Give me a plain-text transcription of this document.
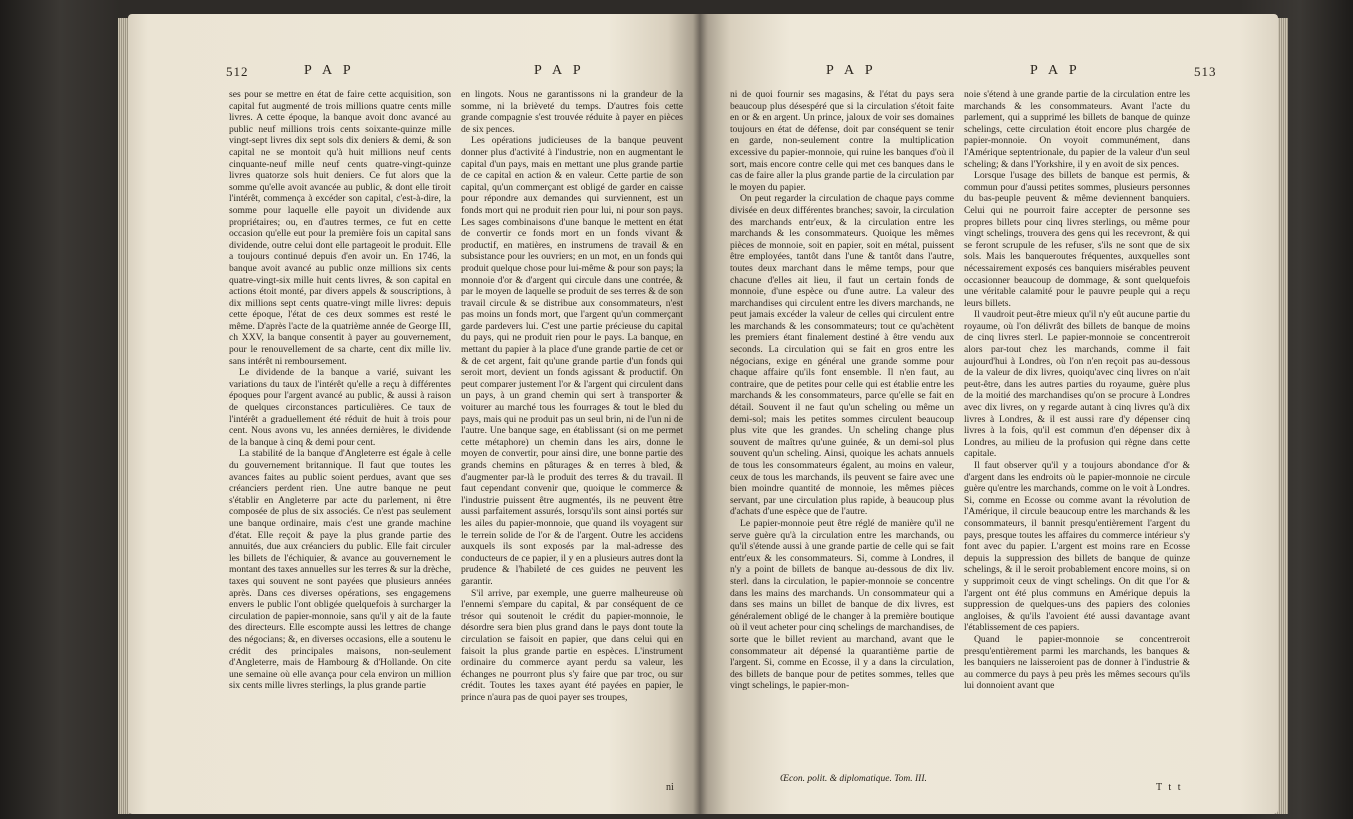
512	P A P	P A P

ses pour se mettre en état de faire cette acquisition, son capital fut augmenté de trois millions quatre cents mille livres. A cette époque, la banque avoit donc avancé au public neuf millions trois cents soixante-quinze mille vingt-sept livres dix sept sols dix deniers & demi, & son capital ne se montoit qu'à huit millions neuf cents cinquante-neuf mille neuf cents quatre-vingt-quinze livres quatorze sols huit deniers. Ce fut alors que la somme qu'elle avoit avancée au public, & dont elle tiroit l'intérêt, commença à excéder son capital, c'est-à-dire, la somme pour laquelle elle payoit un dividende aux propriétaires; ou, en d'autres termes, ce fut en cette occasion qu'elle eut pour la première fois un capital sans dividende, outre celui dont elle partageoit le produit. Elle a toujours continué depuis d'en avoir un. En 1746, la banque avoit avancé au public onze millions six cents quatre-vingt-six mille huit cents livres, & son capital en actions étoit monté, par divers appels & souscriptions, à dix millions sept cents quatre-vingt mille livres: depuis cette époque, l'état de ces deux sommes est resté le même. D'après l'acte de la quatrième année de George III, ch XXV, la banque consentit à payer au gouvernement, pour le renouvellement de sa charte, cent dix mille liv. sans intérêt ni remboursement.

Le dividende de la banque a varié, suivant les variations du taux de l'intérêt qu'elle a reçu à différentes époques pour l'argent avancé au public, & aussi à raison de quelques circonstances particulières. Ce taux de l'intérêt a graduellement été réduit de huit à trois pour cent. Nous avons vu, les années dernières, le dividende de la banque à cinq & demi pour cent.

La stabilité de la banque d'Angleterre est égale à celle du gouvernement britannique. Il faut que toutes les avances faites au public soient perdues, avant que ses créanciers perdent rien. Une autre banque ne peut s'établir en Angleterre par acte du parlement, ni être composée de plus de six associés. Ce n'est pas seulement une banque ordinaire, mais c'est une grande machine d'état. Elle reçoit & paye la plus grande partie des annuités, due aux créanciers du public. Elle fait circuler les billets de l'échiquier, & avance au gouvernement le montant des taxes annuelles sur les terres & sur la drèche, taxes qui souvent ne sont payées que plusieurs années après. Dans ces diverses opérations, ses engagemens envers le public l'ont obligée quelquefois à surcharger la circulation de papier-monnoie, sans qu'il y ait de la faute des directeurs. Elle escompte aussi les lettres de change des négocians; &, en diverses occasions, elle a soutenu le crédit des principales maisons, non-seulement d'Angleterre, mais de Hambourg & d'Hollande. On cite une semaine où elle avança pour cela environ un million six cents mille livres sterlings, la plus grande partie

en lingots. Nous ne garantissons ni la grandeur de la somme, ni la brièveté du temps. D'autres fois cette grande compagnie s'est trouvée réduite à payer en pièces de six pences.

Les opérations judicieuses de la banque peuvent donner plus d'activité à l'industrie, non en augmentant le capital d'un pays, mais en mettant une plus grande partie de ce capital en action & en valeur. Cette partie de son capital, qu'un commerçant est obligé de garder en caisse pour répondre aux demandes qui surviennent, est un fonds mort qui ne produit rien pour lui, ni pour son pays. Les sages combinaisons d'une banque le mettent en état de convertir ce fonds mort en un fonds vivant & productif, en matières, en instrumens de travail & en subsistance pour les ouvriers; en un mot, en un fonds qui produit quelque chose pour lui-même & pour son pays; la monnoie d'or & d'argent qui circule dans une contrée, & par le moyen de laquelle se produit de ses terres & de son travail circule & se distribue aux consommateurs, n'est pas moins un fonds mort, que l'argent qu'un commerçant garde pardevers lui. C'est une partie précieuse du capital du pays, qui ne produit rien pour le pays. La banque, en mettant du papier à la place d'une grande partie de cet or & de cet argent, fait qu'une grande partie d'un fonds qui seroit mort, devient un fonds agissant & productif. On peut comparer justement l'or & l'argent qui circulent dans un pays, à un grand chemin qui sert à transporter & voiturer au marché tous les fourrages & tout le bled du pays, mais qui ne produit pas un seul brin, ni de l'un ni de l'autre. Une banque sage, en établissant (si on me permet cette métaphore) un chemin dans les airs, donne le moyen de convertir, pour ainsi dire, une bonne partie des grands chemins en pâturages & en terres à bled, & d'augmenter par-là le produit des terres & du travail. Il faut cependant convenir que, quoique le commerce & l'industrie puissent être augmentés, ils ne peuvent être aussi parfaitement assurés, lorsqu'ils sont ainsi portés sur les ailes du papier-monnoie, que quand ils voyagent sur le terrein solide de l'or & de l'argent. Outre les accidens auxquels ils sont exposés par la mal-adresse des conducteurs de ce papier, il y en a plusieurs autres dont la prudence & l'habileté de ces guides ne peuvent les garantir.

S'il arrive, par exemple, une guerre malheureuse où l'ennemi s'empare du capital, & par conséquent de ce trésor qui soutenoit le crédit du papier-monnoie, le désordre sera bien plus grand dans le pays dont toute la circulation se faisoit en papier, que dans celui qui en faisoit la plus grande partie en espèces. L'instrument ordinaire du commerce ayant perdu sa valeur, les échanges ne pourront plus s'y faire que par troc, ou sur crédit. Toutes les taxes ayant été payées en papier, le prince n'aura pas de quoi payer ses troupes,

ni
P A P	P A P	513

ni de quoi fournir ses magasins, & l'état du pays sera beaucoup plus désespéré que si la circulation s'étoit faite en or & en argent. Un prince, jaloux de voir ses domaines toujours en état de défense, doit par conséquent se tenir en garde, non-seulement contre la multiplication excessive du papier-monnoie, qui ruine les banques d'où il sort, mais encore contre celle qui met ces banques dans le cas de faire aller la plus grande partie de la circulation par le moyen du papier.

On peut regarder la circulation de chaque pays comme divisée en deux différentes branches; savoir, la circulation des marchands entr'eux, & la circulation entre les marchands & les consommateurs. Quoique les mêmes pièces de monnoie, soit en papier, soit en métal, puissent être employées, tantôt dans l'une & tantôt dans l'autre, toutes deux marchant dans le même temps, pour que chacune d'elles ait lieu, il faut un certain fonds de monnoie, d'une espèce ou d'une autre. La valeur des marchandises qui circulent entre les divers marchands, ne peut jamais excéder la valeur de celles qui circulent entre les marchands & les consommateurs; tout ce qu'achètent les premiers étant finalement destiné à être vendu aux seconds. La circulation qui se fait en gros entre les négocians, exige en général une grande somme pour chaque affaire qu'ils font ensemble. Il n'en faut, au contraire, que de petites pour celle qui est établie entre les marchands & les consommateurs, parce qu'elle se fait en détail. Souvent il ne faut qu'un scheling ou même un demi-sol; mais les petites sommes circulent beaucoup plus vite que les grandes. Un scheling change plus souvent de maîtres qu'une guinée, & un demi-sol plus souvent qu'un scheling. Ainsi, quoique les achats annuels de tous les consommateurs égalent, au moins en valeur, ceux de tous les marchands, ils peuvent se faire avec une bien moindre quantité de monnoie, les mêmes pièces servant, par une circulation plus rapide, à beaucoup plus d'achats d'une espèce que de l'autre.

Le papier-monnoie peut être réglé de manière qu'il ne serve guère qu'à la circulation entre les marchands, ou qu'il s'étende aussi à une grande partie de celle qui se fait entr'eux & les consommateurs. Si, comme à Londres, il n'y a point de billets de banque au-dessous de dix liv. sterl. dans la circulation, le papier-monnoie se concentre dans les mains des marchands. Un consommateur qui a dans ses mains un billet de banque de dix livres, est généralement obligé de le changer à la première boutique où il veut acheter pour cinq schelings de marchandises, de sorte que le billet revient au marchand, avant que le consommateur ait dépensé la quarantième partie de l'argent. Si, comme en Ecosse, il y a dans la circulation, des billets de banque pour de petites sommes, telles que vingt schelings, le papier-mon-

noie s'étend à une grande partie de la circulation entre les marchands & les consommateurs. Avant l'acte du parlement, qui a supprimé les billets de banque de quinze schelings, cette circulation étoit encore plus chargée de papier-monnoie. On voyoit communément, dans l'Amérique septentrionale, du papier de la valeur d'un seul scheling; & dans l'Yorkshire, il y en avoit de six pences.

Lorsque l'usage des billets de banque est permis, & commun pour d'aussi petites sommes, plusieurs personnes du bas-peuple peuvent & même deviennent banquiers. Celui qui ne pourroit faire accepter de personne ses propres billets pour cinq livres sterlings, ou même pour vingt schelings, trouvera des gens qui les recevront, & qui se feront scrupule de les refuser, s'ils ne sont que de six sols. Mais les banqueroutes fréquentes, auxquelles sont nécessairement exposés ces banquiers misérables peuvent occasionner beaucoup de dommage, & sont quelquefois une véritable calamité pour le pauvre peuple qui a reçu leurs billets.

Il vaudroit peut-être mieux qu'il n'y eût aucune partie du royaume, où l'on délivrât des billets de banque de moins de cinq livres sterl. Le papier-monnoie se concentreroit alors par-tout chez les marchands, comme il fait aujourd'hui à Londres, où l'on n'en reçoit pas au-dessous de la valeur de dix livres, quoiqu'avec cinq livres on n'ait peut-être, dans les autres parties du royaume, guère plus de la moitié des marchandises qu'on se procure à Londres avec dix livres, on y regarde autant à cinq livres qu'à dix livres à Londres, & il est aussi rare d'y dépenser cinq livres à la fois, qu'il est commun d'en dépenser dix à Londres, au milieu de la profusion qui règne dans cette capitale.

Il faut observer qu'il y a toujours abondance d'or & d'argent dans les endroits où le papier-monnoie ne circule guère qu'entre les marchands, comme on le voit à Londres. Si, comme en Ecosse ou comme avant la révolution de l'Amérique, il circule beaucoup entre les marchands & les consommateurs, il bannit presqu'entièrement l'argent du pays, presque toutes les affaires du commerce intérieur s'y font avec du papier. L'argent est moins rare en Ecosse depuis la suppression des billets de banque de quinze schelings, & il le seroit probablement encore moins, si on y supprimoit ceux de vingt schelings. On dit que l'or & l'argent ont été plus communs en Amérique depuis la suppression de quelques-uns des papiers des colonies angloises, & qu'ils l'avoient été aussi davantage avant l'établissement de ces papiers.

Quand le papier-monnoie se concentreroit presqu'entièrement parmi les marchands, les banques & les banquiers ne laisseroient pas de donner à l'industrie & au commerce du pays à peu près les mêmes secours qu'ils lui donnoient avant que

Œcon. polit. & diplomatique. Tom. III.
T t t
